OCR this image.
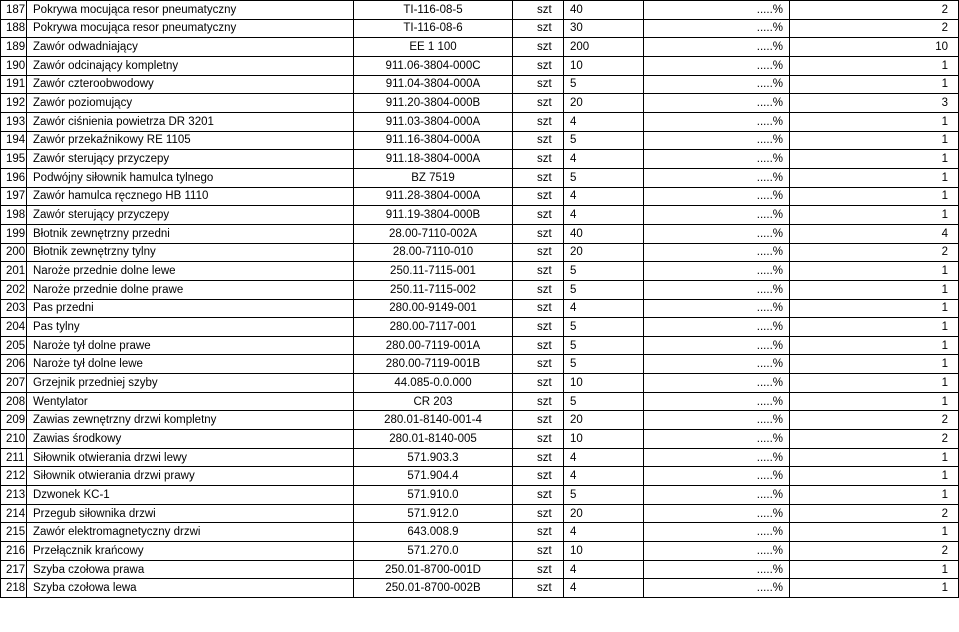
187	Pokrywa mocująca resor pneumatyczny	TI-116-08-5	szt	40	.....%	2
188	Pokrywa mocująca resor pneumatyczny	TI-116-08-6	szt	30	.....%	2
189	Zawór odwadniający	EE 1 100	szt	200	.....%	10
190	Zawór odcinający kompletny	911.06-3804-000C	szt	10	.....%	1
191	Zawór czteroobwodowy	911.04-3804-000A	szt	5	.....%	1
192	Zawór poziomujący	911.20-3804-000B	szt	20	.....%	3
193	Zawór ciśnienia powietrza DR 3201	911.03-3804-000A	szt	4	.....%	1
194	Zawór przekaźnikowy RE 1105	911.16-3804-000A	szt	5	.....%	1
195	Zawór sterujący przyczepy	911.18-3804-000A	szt	4	.....%	1
196	Podwójny siłownik hamulca tylnego	BZ 7519	szt	5	.....%	1
197	Zawór hamulca ręcznego HB 1110	911.28-3804-000A	szt	4	.....%	1
198	Zawór sterujący przyczepy	911.19-3804-000B	szt	4	.....%	1
199	Błotnik zewnętrzny przedni	28.00-7110-002A	szt	40	.....%	4
200	Błotnik zewnętrzny tylny	28.00-7110-010	szt	20	.....%	2
201	Naroże przednie dolne lewe	250.11-7115-001	szt	5	.....%	1
202	Naroże przednie dolne prawe	250.11-7115-002	szt	5	.....%	1
203	Pas przedni	280.00-9149-001	szt	4	.....%	1
204	Pas tylny	280.00-7117-001	szt	5	.....%	1
205	Naroże tył dolne prawe	280.00-7119-001A	szt	5	.....%	1
206	Naroże tył dolne lewe	280.00-7119-001B	szt	5	.....%	1
207	Grzejnik przedniej szyby	44.085-0.0.000	szt	10	.....%	1
208	Wentylator	CR 203	szt	5	.....%	1
209	Zawias zewnętrzny drzwi kompletny	280.01-8140-001-4	szt	20	.....%	2
210	Zawias środkowy	280.01-8140-005	szt	10	.....%	2
211	Siłownik otwierania drzwi lewy	571.903.3	szt	4	.....%	1
212	Siłownik otwierania drzwi prawy	571.904.4	szt	4	.....%	1
213	Dzwonek KC-1	571.910.0	szt	5	.....%	1
214	Przegub siłownika drzwi	571.912.0	szt	20	.....%	2
215	Zawór elektromagnetyczny drzwi	643.008.9	szt	4	.....%	1
216	Przełącznik krańcowy	571.270.0	szt	10	.....%	2
217	Szyba czołowa prawa	250.01-8700-001D	szt	4	.....%	1
218	Szyba czołowa lewa	250.01-8700-002B	szt	4	.....%	1
